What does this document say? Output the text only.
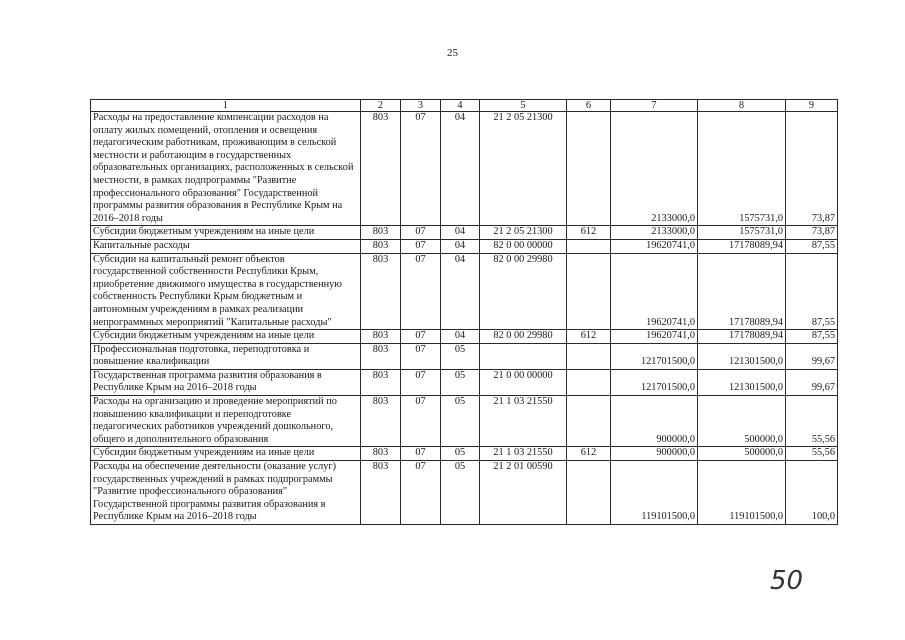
25
1	2	3	4	5	6	7	8	9
Расходы на предоставление компенсации расходов на оплату жилых помещений, отопления и освещения педагогическим работникам, проживающим в сельской местности и работающим в государственных образовательных организациях, расположенных в сельской местности, в рамках подпрограммы "Развитие профессионального образования" Государственной программы развития образования в Республике Крым на 2016–2018 годы	803	07	04	21 2 05 21300		2133000,0	1575731,0	73,87
Субсидии бюджетным учреждениям на иные цели	803	07	04	21 2 05 21300	612	2133000,0	1575731,0	73,87
Капитальные расходы	803	07	04	82 0 00 00000		19620741,0	17178089,94	87,55
Субсидии на капитальный ремонт объектов государственной собственности Республики Крым, приобретение движимого имущества в государственную собственность Республики Крым бюджетным и автономным учреждениям в рамках реализации непрограммных мероприятий "Капитальные расходы"	803	07	04	82 0 00 29980		19620741,0	17178089,94	87,55
Субсидии бюджетным учреждениям на иные цели	803	07	04	82 0 00 29980	612	19620741,0	17178089,94	87,55
Профессиональная подготовка, переподготовка и повышение квалификации	803	07	05			121701500,0	121301500,0	99,67
Государственная программа развития образования в Республике Крым на 2016–2018 годы	803	07	05	21 0 00 00000		121701500,0	121301500,0	99,67
Расходы на организацию и проведение мероприятий по повышению квалификации и переподготовке педагогических работников учреждений дошкольного, общего и дополнительного образования	803	07	05	21 1 03 21550		900000,0	500000,0	55,56
Субсидии бюджетным учреждениям на иные цели	803	07	05	21 1 03 21550	612	900000,0	500000,0	55,56
Расходы на обеспечение деятельности (оказание услуг) государственных учреждений в рамках подпрограммы "Развитие профессионального образования" Государственной программы развития образования в Республике Крым на 2016–2018 годы	803	07	05	21 2 01 00590		119101500,0	119101500,0	100,0
50
